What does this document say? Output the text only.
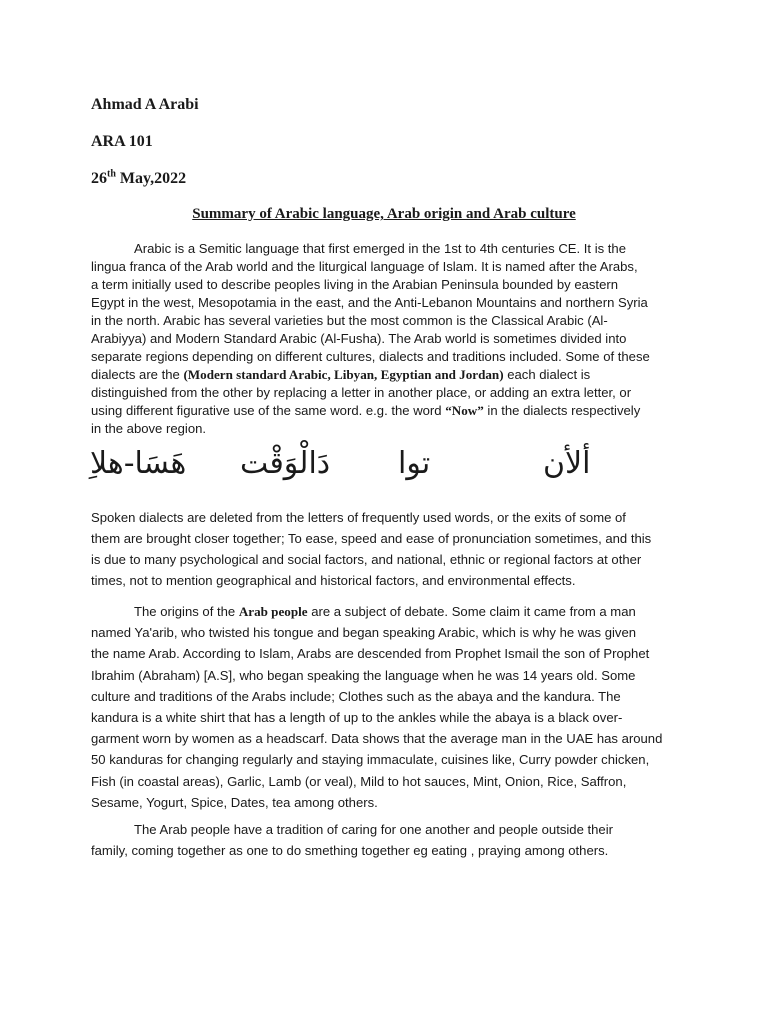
Ahmad A Arabi
ARA 101
26th May,2022
Summary of Arabic language, Arab origin and Arab culture
Arabic is a Semitic language that first emerged in the 1st to 4th centuries CE. It is the
lingua franca of the Arab world and the liturgical language of Islam. It is named after the Arabs,
a term initially used to describe peoples living in the Arabian Peninsula bounded by eastern
Egypt in the west, Mesopotamia in the east, and the Anti-Lebanon Mountains and northern Syria
in the north. Arabic has several varieties but the most common is the Classical Arabic (Al-
Arabiyya) and Modern Standard Arabic (Al-Fusha). The Arab world is sometimes divided into
separate regions depending on different cultures, dialects and traditions included. Some of these
dialects are the (Modern standard Arabic, Libyan, Egyptian and Jordan) each dialect is
distinguished from the other by replacing a letter in another place, or adding an extra letter, or
using different figurative use of the same word. e.g. the word “Now” in the dialects respectively
in the above region.
ألأن
توا
دَالْوَقْت
هَسَا-هلاِ
Spoken dialects are deleted from the letters of frequently used words, or the exits of some of
them are brought closer together; To ease, speed and ease of pronunciation sometimes, and this
is due to many psychological and social factors, and national, ethnic or regional factors at other
times, not to mention geographical and historical factors, and environmental effects.
The origins of the Arab people are a subject of debate. Some claim it came from a man
named Ya'arib, who twisted his tongue and began speaking Arabic, which is why he was given
the name Arab. According to Islam, Arabs are descended from Prophet Ismail the son of Prophet
Ibrahim (Abraham) [A.S], who began speaking the language when he was 14 years old. Some
culture and traditions of the Arabs include; Clothes such as the abaya and the kandura. The
kandura is a white shirt that has a length of up to the ankles while the abaya is a black over-
garment worn by women as a headscarf. Data shows that the average man in the UAE has around
50 kanduras for changing regularly and staying immaculate, cuisines like, Curry powder chicken,
Fish (in coastal areas), Garlic, Lamb (or veal), Mild to hot sauces, Mint, Onion, Rice, Saffron,
Sesame, Yogurt, Spice, Dates, tea among others.
The Arab people have a tradition of caring for one another and people outside their
family, coming together as one to do smething together eg eating , praying among others.
